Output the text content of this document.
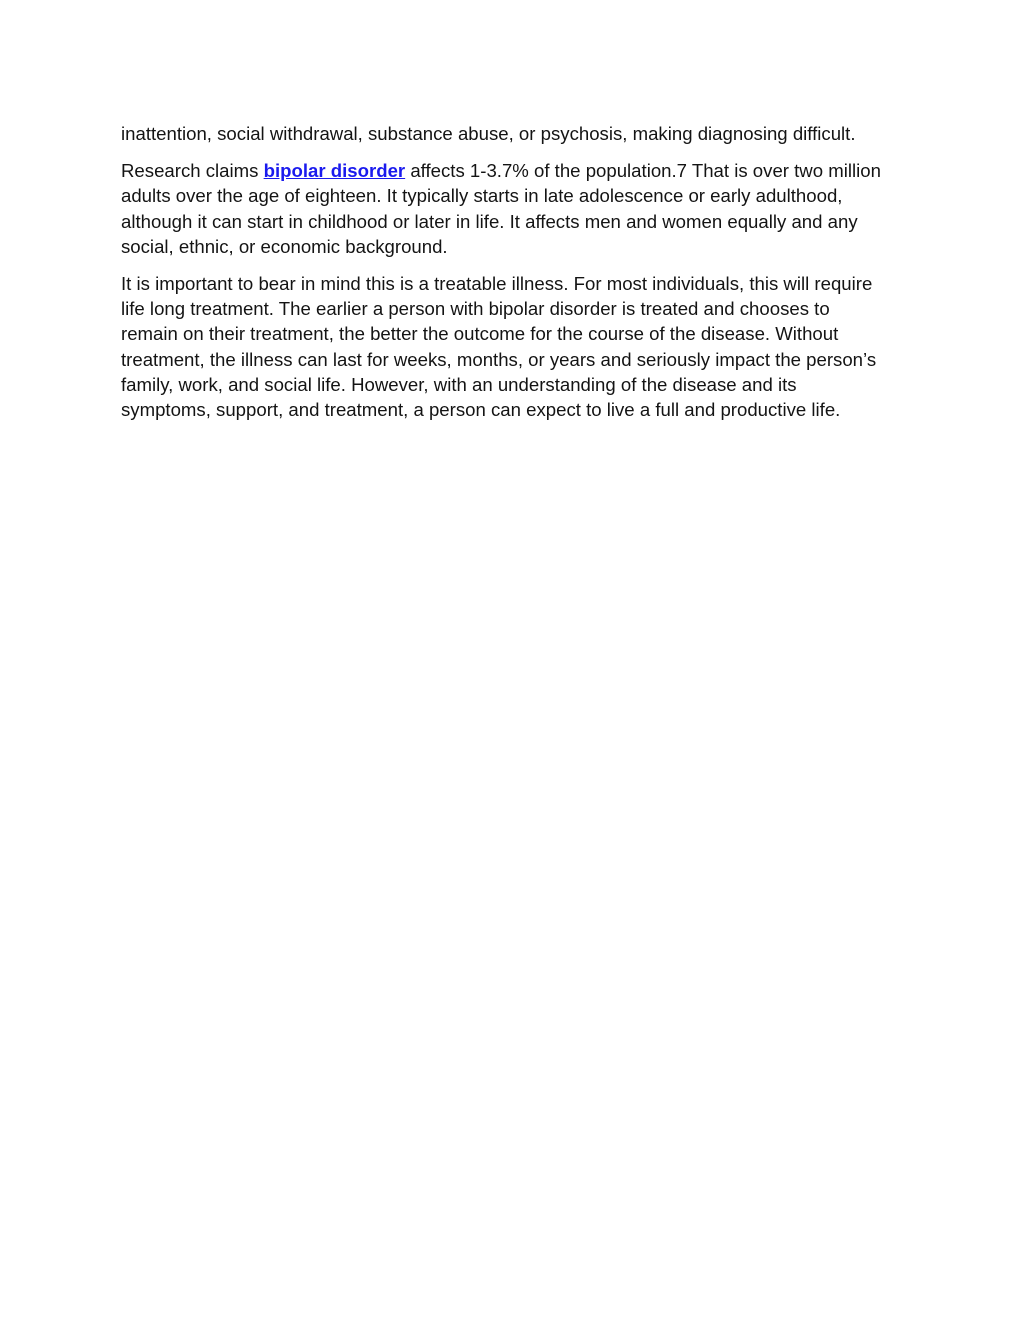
inattention, social withdrawal, substance abuse, or psychosis, making diagnosing difficult.

Research claims bipolar disorder affects 1-3.7% of the population.7 That is over two million adults over the age of eighteen. It typically starts in late adolescence or early adulthood, although it can start in childhood or later in life. It affects men and women equally and any social, ethnic, or economic background.

It is important to bear in mind this is a treatable illness. For most individuals, this will require life long treatment. The earlier a person with bipolar disorder is treated and chooses to remain on their treatment, the better the outcome for the course of the disease. Without treatment, the illness can last for weeks, months, or years and seriously impact the person’s family, work, and social life. However, with an understanding of the disease and its symptoms, support, and treatment, a person can expect to live a full and productive life.
